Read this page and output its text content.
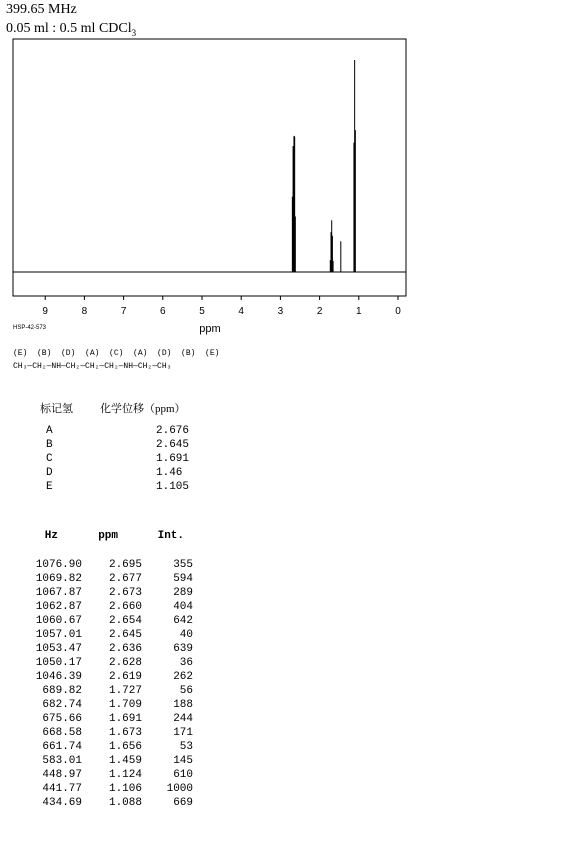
399.65 MHz
0.05 ml : 0.5 ml CDCl$_3$
9	8	7	6	5	4	3	2	1	0
ppm
HSP-42-573
(E)  (B)  (D)  (A)  (C)  (A)  (D)  (B)  (E)
CH₃—CH₂—NH—CH₂—CH₂—CH₂—NH—CH₂—CH₃
标记氢	化学位移（ppm）
A	2.676
B	2.645
C	1.691
D	1.46
E	1.105
Hz	ppm	Int.
1076.90	2.695	355
1069.82	2.677	594
1067.87	2.673	289
1062.87	2.660	404
1060.67	2.654	642
1057.01	2.645	40
1053.47	2.636	639
1050.17	2.628	36
1046.39	2.619	262
689.82	1.727	56
682.74	1.709	188
675.66	1.691	244
668.58	1.673	171
661.74	1.656	53
583.01	1.459	145
448.97	1.124	610
441.77	1.106	1000
434.69	1.088	669
